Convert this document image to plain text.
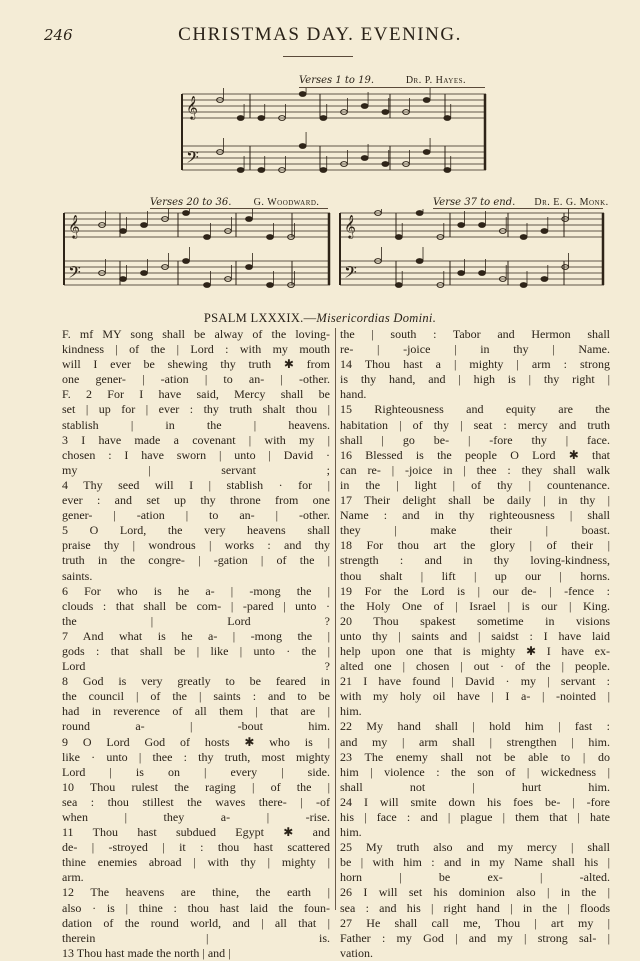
246	CHRISTMAS DAY. EVENING.
Verses 1 to 19.	Dr. P. Hayes.
𝄞
𝄢
Verses 20 to 36. G. Woodward.
𝄞
𝄢
Verse 37 to end. Dr. E. G. Monk.
𝄞
𝄢
PSALM LXXXIX.—Misericordias Domini.
F. mf MY song shall be alway of the loving-
kindness | of the | Lord : with my mouth
will I ever be shewing thy truth ✱ from
one gener- | -ation | to an- | -other.
F. 2 For I have said, Mercy shall be
set | up for | ever : thy truth shalt thou |
stablish | in the | heavens.
3 I have made a covenant | with my |
chosen : I have sworn | unto | David ·
my | servant ;
4 Thy seed will I | stablish · for |
ever : and set up thy throne from one
gener- | -ation | to an- | -other.
5 O Lord, the very heavens shall
praise thy | wondrous | works : and thy
truth in the congre- | -gation | of the |
saints.
6 For who is he a- | -mong the |
clouds : that shall be com- | -pared | unto ·
the | Lord ?
7 And what is he a- | -mong the |
gods : that shall be | like | unto · the |
Lord ?
8 God is very greatly to be feared in
the council | of the | saints : and to be
had in reverence of all them | that are |
round a- | -bout him.
9 O Lord God of hosts ✱ who is |
like · unto | thee : thy truth, most mighty
Lord | is on | every | side.
10 Thou rulest the raging | of the |
sea : thou stillest the waves there- | -of
when | they a- | -rise.
11 Thou hast subdued Egypt ✱ and
de- | -stroyed | it : thou hast scattered
thine enemies abroad | with thy | mighty |
arm.
12 The heavens are thine, the earth |
also · is | thine : thou hast laid the foun-
dation of the round world, and | all that |
therein | is.
13 Thou hast made the north | and |
the | south : Tabor and Hermon shall
re- | -joice | in thy | Name.
14 Thou hast a | mighty | arm : strong
is thy hand, and | high is | thy right |
hand.
15 Righteousness and equity are the
habitation | of thy | seat : mercy and truth
shall | go be- | -fore thy | face.
16 Blessed is the people O Lord ✱ that
can re- | -joice in | thee : they shall walk
in the | light | of thy | countenance.
17 Their delight shall be daily | in thy |
Name : and in thy righteousness | shall
they | make their | boast.
18 For thou art the glory | of their |
strength : and in thy loving-kindness,
thou shalt | lift | up our | horns.
19 For the Lord is | our de- | -fence :
the Holy One of | Israel | is our | King.
20 Thou spakest sometime in visions
unto thy | saints and | saidst : I have laid
help upon one that is mighty ✱ I have ex-
alted one | chosen | out · of the | people.
21 I have found | David · my | servant :
with my holy oil have | I a- | -nointed |
him.
22 My hand shall | hold him | fast :
and my | arm shall | strengthen | him.
23 The enemy shall not be able to | do
him | violence : the son of | wickedness |
shall not | hurt him.
24 I will smite down his foes be- | -fore
his | face : and | plague | them that | hate
him.
25 My truth also and my mercy | shall
be | with him : and in my Name shall his |
horn | be ex- | -alted.
26 I will set his dominion also | in the |
sea : and his | right hand | in the | floods
27 He shall call me, Thou | art my |
Father : my God | and my | strong sal- |
vation.
